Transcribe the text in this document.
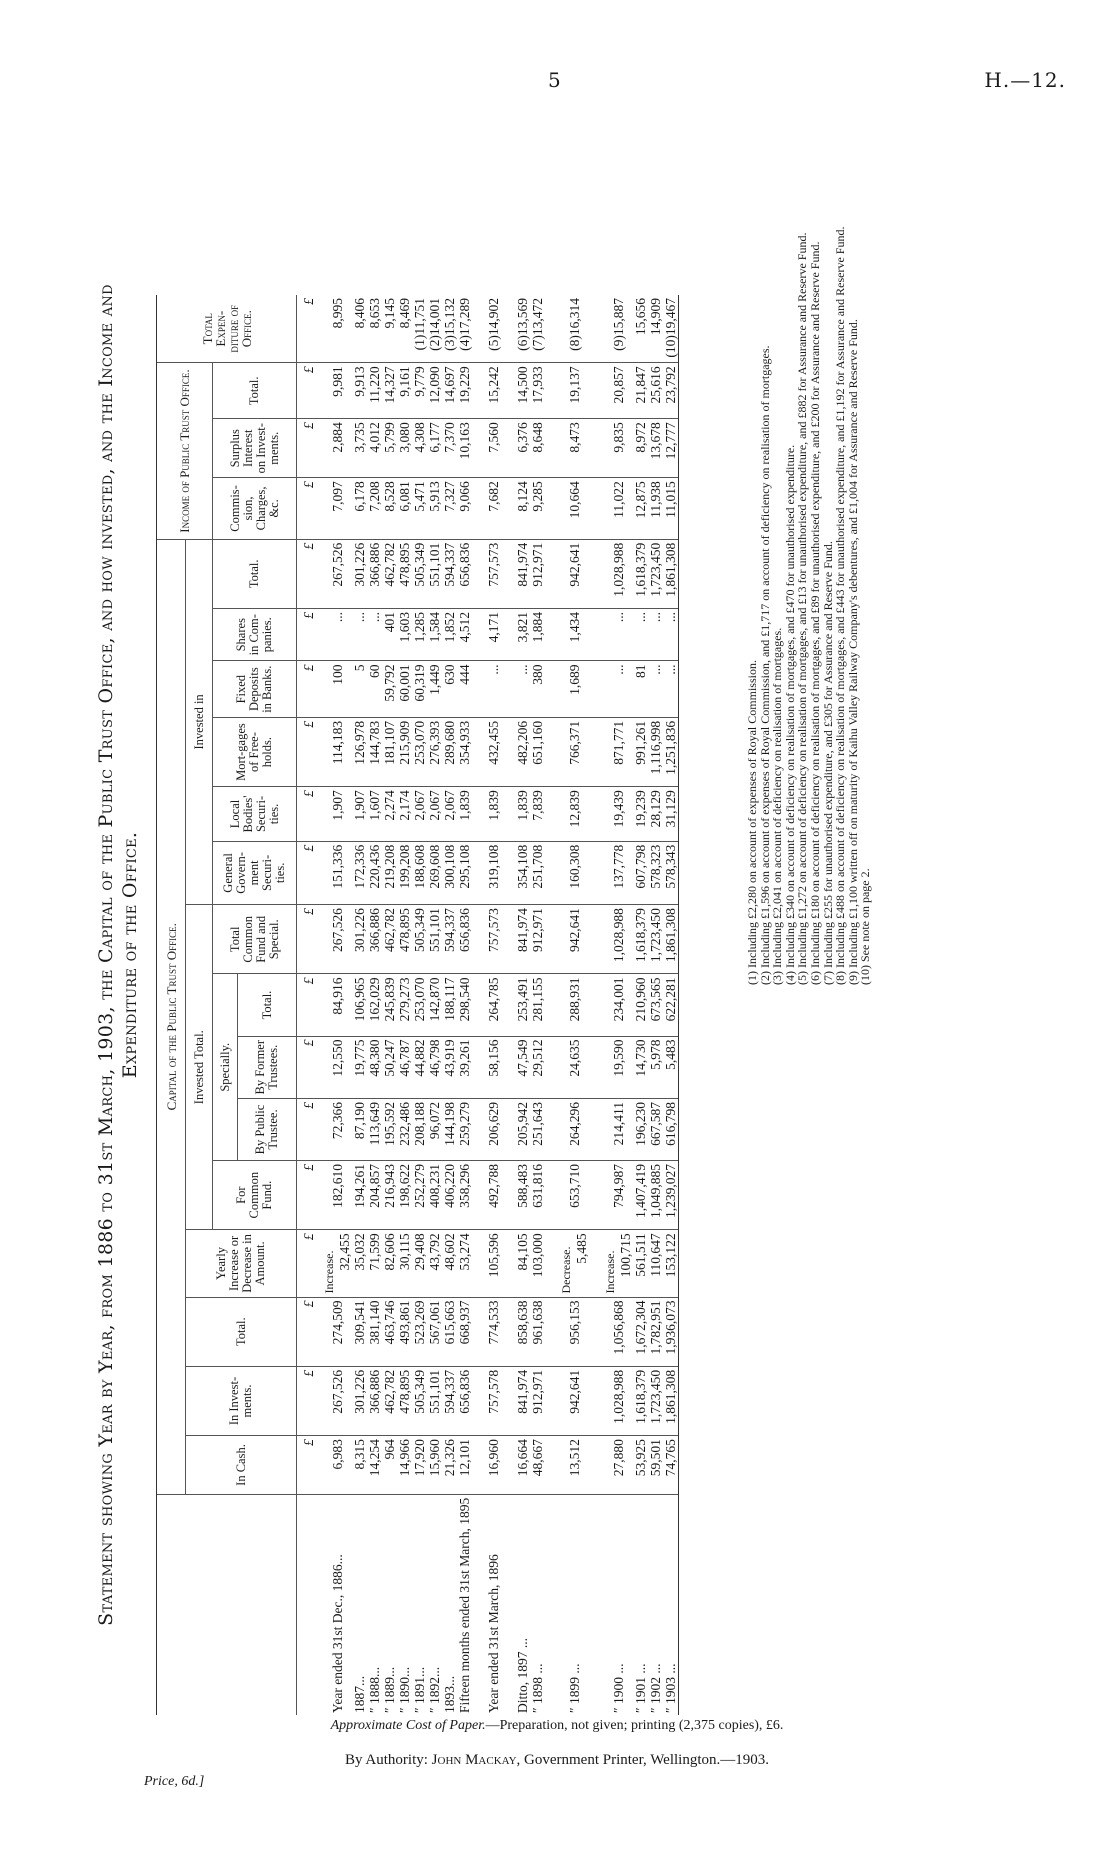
5	H.—12.
Statement showing Year by Year, from 1886 to 31st March, 1903, the Capital of the Public Trust Office, and how invested, and the Income and Expenditure of the Office.
	Capital of the Public Trust Office.															Income of Public Trust Office.			Total Expen-diture of Office.
	In Cash.	In Invest-ments.	Total.	Yearly Increase or Decrease in Amount.	Invested Total.					Invested in									
					For Common Fund.	Specially.			Total Common Fund and Special.	General Govern-ment Securi-ties.	Local Bodies' Securi-ties.	Mort-gages of Free-holds.	Fixed Deposits in Banks.	Shares in Com-panies.	Total.	Commis-sion, Charges, &c.	Surplus Interest on Invest-ments.	Total.	
						By Public Trustee.	By Former Trustees.	Total.											
	£	£	£	£	£	£	£	£	£	£	£	£	£	£	£	£	£	£	£
Year ended 31st Dec., 1886...	6,983	267,526	274,509	Increase. 32,455	182,610	72,366	12,550	84,916	267,526	151,336	1,907	114,183	100	...	267,526	7,097	2,884	9,981	8,995
1887...	8,315	301,226	309,541	35,032	194,261	87,190	19,775	106,965	301,226	172,336	1,907	126,978	5	...	301,226	6,178	3,735	9,913	8,406
″ 1888...	14,254	366,886	381,140	71,599	204,857	113,649	48,380	162,029	366,886	220,436	1,607	144,783	60	...	366,886	7,208	4,012	11,220	8,653
″ 1889...	964	462,782	463,746	82,606	216,943	195,592	50,247	245,839	462,782	219,208	2,274	181,107	59,792	401	462,782	8,528	5,799	14,327	9,145
″ 1890...	14,966	478,895	493,861	30,115	198,622	232,486	46,787	279,273	478,895	199,208	2,174	215,909	60,001	1,603	478,895	6,081	3,080	9,161	8,469
″ 1891...	17,920	505,349	523,269	29,408	252,279	208,188	44,882	253,070	505,349	188,608	2,067	253,070	60,319	1,285	505,349	5,471	4,308	9,779	(1)11,751
″ 1892...	15,960	551,101	567,061	43,792	408,231	96,072	46,798	142,870	551,101	269,608	2,067	276,393	1,449	1,584	551,101	5,913	6,177	12,090	(2)14,001
1893...	21,326	594,337	615,663	48,602	406,220	144,198	43,919	188,117	594,337	300,108	2,067	289,680	630	1,852	594,337	7,327	7,370	14,697	(3)15,132
Fifteen months ended 31st March, 1895	12,101	656,836	668,937	53,274	358,296	259,279	39,261	298,540	656,836	295,108	1,839	354,933	444	4,512	656,836	9,066	10,163	19,229	(4)17,289

Year ended 31st March, 1896	16,960	757,578	774,533	105,596	492,788	206,629	58,156	264,785	757,573	319,108	1,839	432,455	...	4,171	757,573	7,682	7,560	15,242	(5)14,902

Ditto, 1897 ...	16,664	841,974	858,638	84,105	588,483	205,942	47,549	253,491	841,974	354,108	1,839	482,206	...	3,821	841,974	8,124	6,376	14,500	(6)13,569
″ 1898 ...	48,667	912,971	961,638	103,000	631,816	251,643	29,512	281,155	912,971	251,708	7,839	651,160	380	1,884	912,971	9,285	8,648	17,933	(7)13,472

″ 1899 ...	13,512	942,641	956,153	Decrease. 5,485	653,710	264,296	24,635	288,931	942,641	160,308	12,839	766,371	1,689	1,434	942,641	10,664	8,473	19,137	(8)16,314

″ 1900 ...	27,880	1,028,988	1,056,868	Increase. 100,715	794,987	214,411	19,590	234,001	1,028,988	137,778	19,439	871,771	...	...	1,028,988	11,022	9,835	20,857	(9)15,887
″ 1901 ...	53,925	1,618,379	1,672,304	561,511	1,407,419	196,230	14,730	210,960	1,618,379	607,798	19,239	991,261	81	...	1,618,379	12,875	8,972	21,847	15,656
″ 1902 ...	59,501	1,723,450	1,782,951	110,647	1,049,885	667,587	5,978	673,565	1,723,450	578,323	28,129	1,116,998	...	...	1,723,450	11,938	13,678	25,616	14,909
″ 1903 ...	74,765	1,861,308	1,936,073	153,122	1,239,027	616,798	5,483	622,281	1,861,308	578,343	31,129	1,251,836	...	...	1,861,308	11,015	12,777	23,792	(10)19,467
(1) Including £2,280 on account of expenses of Royal Commission.
(2) Including £1,596 on account of expenses of Royal Commission, and £1,717 on account of deficiency on realisation of mortgages.
(3) Including £2,041 on account of deficiency on realisation of mortgages.
(4) Including £340 on account of deficiency on realisation of mortgages, and £470 for unauthorised expenditure.
(5) Including £1,272 on account of deficiency on realisation of mortgages, and £13 for unauthorised expenditure, and £882 for Assurance and Reserve Fund.
(6) Including £180 on account of deficiency on realisation of mortgages, and £89 for unauthorised expenditure, and £200 for Assurance and Reserve Fund.
(7) Including £255 for unauthorised expenditure, and £305 for Assurance and Reserve Fund.
(8) Including £488 on account of deficiency on realisation of mortgages, and £443 for unauthorised expenditure, and £1,192 for Assurance and Reserve Fund.
(9) Including £1,100 written off on maturity of Kaihu Valley Railway Company's debentures, and £1,004 for Assurance and Reserve Fund.
(10) See note on page 2.
Approximate Cost of Paper.—Preparation, not given; printing (2,375 copies), £6.
By Authority: John Mackay, Government Printer, Wellington.—1903.
Price, 6d.]
